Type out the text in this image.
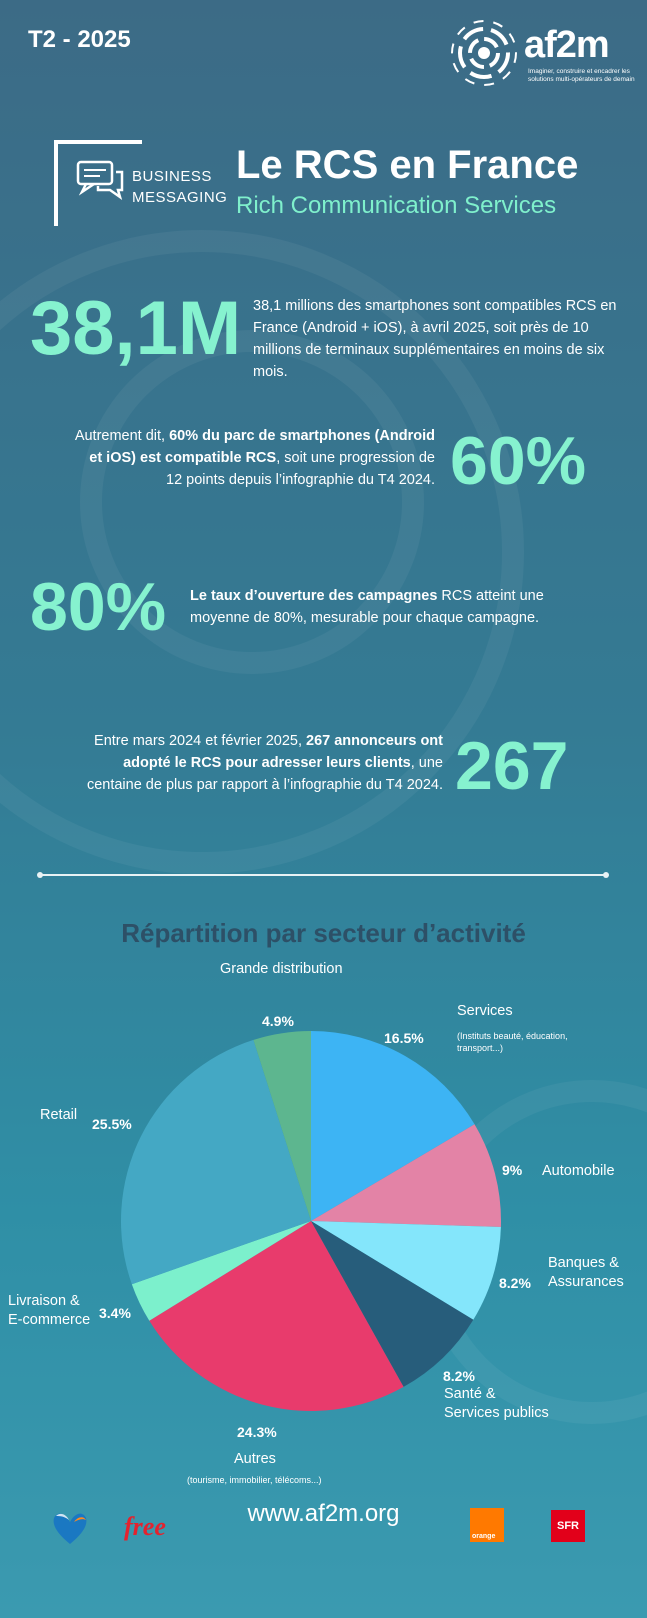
T2 - 2025	af2m
Imaginer, construire et encadrer les solutions multi-opérateurs de demain
BUSINESS
MESSAGING
Le RCS en France
Rich Communication Services
38,1M 38,1 millions des smartphones sont compatibles RCS en France (Android + iOS), à avril 2025, soit près de 10 millions de terminaux supplémentaires en moins de six mois.
Autrement dit, 60% du parc de smartphones (Android et iOS) est compatible RCS, soit une progression de 12 points depuis l’infographie du T4 2024. 60%
80% Le taux d’ouverture des campagnes RCS atteint une moyenne de 80%, mesurable pour chaque campagne.
Entre mars 2024 et février 2025, 267 annonceurs ont adopté le RCS pour adresser leurs clients, une centaine de plus par rapport à l’infographie du T4 2024. 267
Répartition par secteur d’activité
Services
(Instituts beauté, éducation, transport...)
16.5%
Automobile
9%
Banques &
Assurances
8.2%
Santé &
Services publics
8.2%
Autres
(tourisme, immobilier, télécoms...)
24.3%
Livraison &
E-commerce 3.4%
Retail
25.5%
Grande distribution
4.9%
free	www.af2m.org
orange
SFR
